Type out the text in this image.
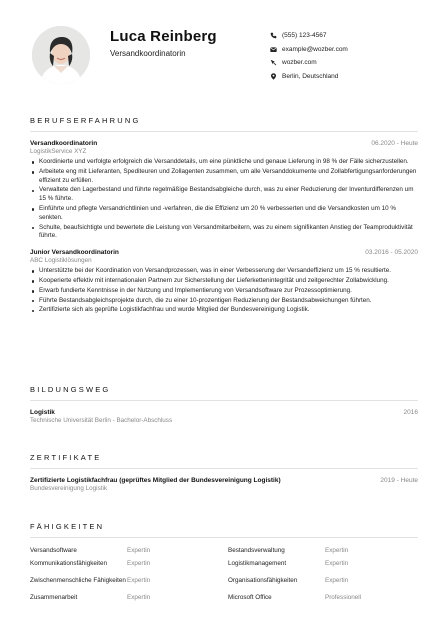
Luca Reinberg
Versandkoordinatorin
(555) 123-4567
example@wozber.com
wozber.com
Berlin, Deutschland
BERUFSERFAHRUNG
Versandkoordinatorin	06.2020 - Heute
LogistikService XYZ
Koordinierte und verfolgte erfolgreich die Versanddetails, um eine pünktliche und genaue Lieferung in 98 % der Fälle sicherzustellen.
Arbeitete eng mit Lieferanten, Spediteuren und Zollagenten zusammen, um alle Versanddokumente und Zollabfertigungsanforderungen effizient zu erfüllen.
Verwaltete den Lagerbestand und führte regelmäßige Bestandsabgleiche durch, was zu einer Reduzierung der Inventurdifferenzen um 15 % führte.
Einführte und pflegte Versandrichtlinien und -verfahren, die die Effizienz um 20 % verbesserten und die Versandkosten um 10 % senkten.
Schulte, beaufsichtigte und bewertete die Leistung von Versandmitarbeitern, was zu einem signifikanten Anstieg der Teamproduktivität führte.
Junior Versandkoordinatorin	03.2016 - 05.2020
ABC Logistiklösungen
Unterstützte bei der Koordination von Versandprozessen, was in einer Verbesserung der Versandeffizienz um 15 % resultierte.
Kooperierte effektiv mit internationalen Partnern zur Sicherstellung der Lieferkettenintegrität und zeitgerechter Zollabwicklung.
Erwarb fundierte Kenntnisse in der Nutzung und Implementierung von Versandsoftware zur Prozessoptimierung.
Führte Bestandsabgleichsprojekte durch, die zu einer 10-prozentigen Reduzierung der Bestandsabweichungen führten.
Zertifizierte sich als geprüfte Logistikfachfrau und wurde Mitglied der Bundesvereinigung Logistik.
BILDUNGSWEG
Logistik	2016
Technische Universität Berlin - Bachelor-Abschluss
ZERTIFIKATE
Zertifizierte Logistikfachfrau (geprüftes Mitglied der Bundesvereinigung Logistik)	2019 - Heute
Bundesvereinigung Logistik
FÄHIGKEITEN
Versandsoftware	Expertin	Bestandsverwaltung	Expertin
Kommunikationsfähigkeiten	Expertin	Logistikmanagement	Expertin
Zwischenmenschliche Fähigkeiten Expertin	Organisationsfähigkeiten	Expertin
Zusammenarbeit	Expertin	Microsoft Office	Professionell
